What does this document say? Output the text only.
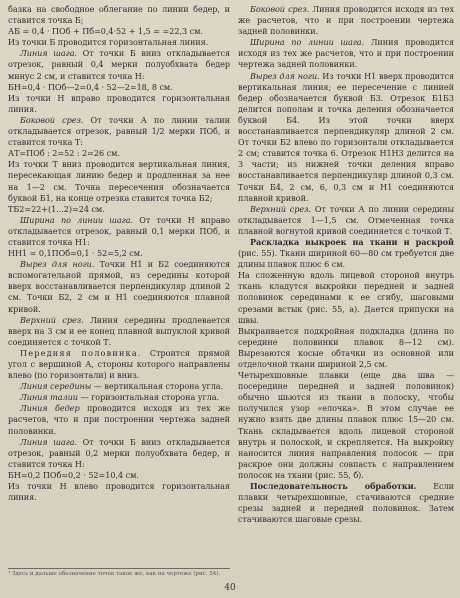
базка на свободное облегание по линии бедер, и ставится точка Б;

АБ = 0,4 · ПОб + Пб=0,4·52 + 1,5 = =22,3 см.

Из точки Б проводится горизонтальная линия.

Линия шага. От точки Б вниз откладывается отрезок, равный 0,4 мерки полуобхвата бедер минус 2 см, и ставится точка Н:

БН=0,4 · ПОб—2=0,4 · 52—2=18, 8 см.

Из точки Н вправо проводится горизонтальная линия.

Боковой срез. От точки А по линии талии откладывается отрезок, равный 1/2 мерки ПОб, и ставится точка Т:

АТ=ПОб : 2=52 : 2=26 см.

Из точки Т вниз проводится вертикальная линия, пересекающая линию бедер и продленная за нее на 1—2 см. Точка пересечения обозначается буквой Б1, на конце отрезка ставится точка Б2;

ТБ2=22+(1...2)=24 см.

Ширина по линии шага. От точки Н вправо откладывается отрезок, равный 0,1 мерки ПОб, и ставится точка Н1:

НН1 = 0,1ПОб=0,1 · 52=5,2 см.

Вырез для ноги. Точки Н1 и Б2 соединяются вспомогательной прямой, из середины которой вверх восстанавливается перпендикуляр длиной 2 см. Точки Б2, 2 см и Н1 соединяются плавной кривой.

Верхний срез. Линия середины продлевается вверх на 3 см и ее конец плавной выпуклой кривой соединяется с точкой Т.

Передняя половинка. Строится прямой угол с вершиной А, стороны которого направлены влево (по горизонтали) и вниз.

Линия середины — вертикальная сторона угла.

Линия талии — горизонтальная сторона угла.

Линия бедер проводится исходя из тех же расчетов, что и при построении чертежа задней половинки.

Линия шага. От точки Б вниз откладывается отрезок, равный 0,2 мерки полуобхвата бедер, и ставится точка Н:

БН=0,2 ПОб=0,2 · 52=10,4 см.

Из точки Н влево проводится горизонтальная линия.

Боковой срез. Линия проводится исходя из тех же расчетов, что и при построении чертежа задней половинки.

Ширина по линии шага. Линия проводится исходя из тех же расчетов, что и при построении чертежа задней половинки.

Вырез для ноги. Из точки Н1 вверх проводится вертикальная линия; ее пересечение с линией бедер обозначается буквой Б3. Отрезок Б1Б3 делится пополам и точка деления обозначается буквой Б4. Из этой точки вверх восстанавливается перпендикуляр длиной 2 см. От точки Б2 влево по горизонтали откладывается 2 см; ставится точка 6. Отрезок Н1Н3 делится на 3 части; из нижней точки деления вправо восстанавливается перпендикуляр длиной 0,3 см. Точки Б4, 2 см, 6, 0,3 см и Н1 соединяются плавной кривой.

Верхний срез. От точки А по линии середины откладывается 1—1,5 см. Отмеченная точка плавной вогнутой кривой соединяется с точкой Т.

Раскладка выкроек на ткани и раскрой (рис. 55). Ткани шириной 60—80 см требуется две длины плавок плюс 6 см.

На сложенную вдоль лицевой стороной внутрь ткань кладутся выкройки передней и задней половинок серединами к ее сгибу, шаговыми срезами встык (рис. 55, а). Дается припуски на швы.

Выкраивается подкройная подкладка (длина по середине половинки плавок 8—12 см). Вырезаются косые обтачки из основной или отделочной ткани шириной 2,5 см.

Четырехшовные плавки (еще два шва — посередине передней и задней половинок) обычно шьются из ткани в полоску, чтобы получился узор «елочка». В этом случае ее нужно взять две длины плавок плюс 15—20 см. Ткань складывается вдоль лицевой стороной внутрь и полоской, и скрепляется. На выкройку наносится линия направления полосок — при раскрое они должны совпасть с направлением полосок на ткани (рис. 55, б).

Последовательность обработки. Если плавки четырехшовные, стачиваются средние срезы задней и передней половинок. Затем стачиваются шаговые срезы.

¹ Здесь и дальше обозначение точек такое же, как на чертеже (рис. 54).
40
